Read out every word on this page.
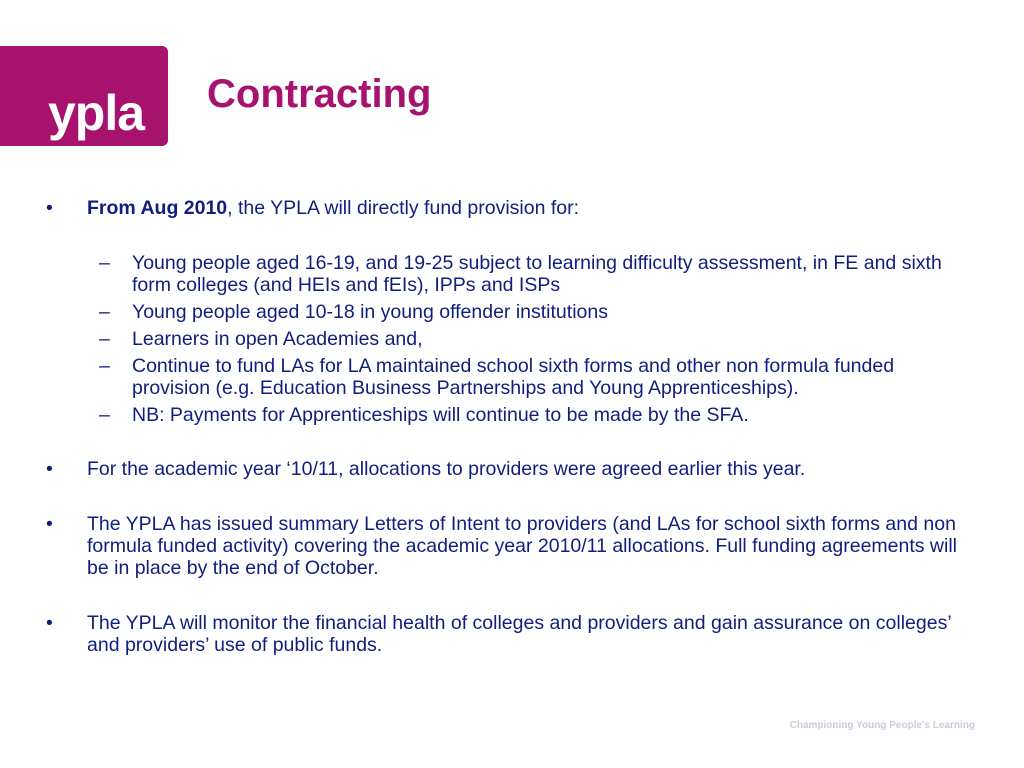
ypla
Young People's
Learning Agency
Contracting
• From Aug 2010, the YPLA will directly fund provision for:
– Young people aged 16-19, and 19-25 subject to learning difficulty assessment, in FE and sixth form colleges (and HEIs and fEIs), IPPs and ISPs
– Young people aged 10-18 in young offender institutions
– Learners in open Academies and,
– Continue to fund LAs for LA maintained school sixth forms and other non formula funded provision (e.g. Education Business Partnerships and Young Apprenticeships).
– NB: Payments for Apprenticeships will continue to be made by the SFA.
• For the academic year ‘10/11, allocations to providers were agreed earlier this year.
• The YPLA has issued summary Letters of Intent to providers (and LAs for school sixth forms and non formula funded activity) covering the academic year 2010/11 allocations. Full funding agreements will be in place by the end of October.
• The YPLA will monitor the financial health of colleges and providers and gain assurance on colleges’ and providers’ use of public funds.
Championing Young People's Learning
